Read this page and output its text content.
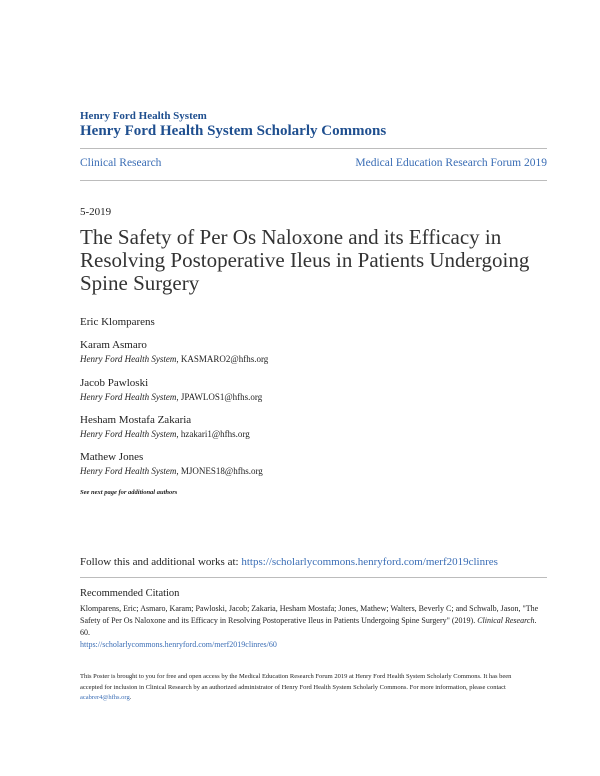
Henry Ford Health System
Henry Ford Health System Scholarly Commons
Clinical Research	Medical Education Research Forum 2019
5-2019
The Safety of Per Os Naloxone and its Efficacy in Resolving Postoperative Ileus in Patients Undergoing Spine Surgery
Eric Klomparens
Karam Asmaro
Henry Ford Health System, KASMARO2@hfhs.org
Jacob Pawloski
Henry Ford Health System, JPAWLOS1@hfhs.org
Hesham Mostafa Zakaria
Henry Ford Health System, hzakari1@hfhs.org
Mathew Jones
Henry Ford Health System, MJONES18@hfhs.org
See next page for additional authors
Follow this and additional works at: https://scholarlycommons.henryford.com/merf2019clinres
Recommended Citation
Klomparens, Eric; Asmaro, Karam; Pawloski, Jacob; Zakaria, Hesham Mostafa; Jones, Mathew; Walters, Beverly C; and Schwalb, Jason, "The Safety of Per Os Naloxone and its Efficacy in Resolving Postoperative Ileus in Patients Undergoing Spine Surgery" (2019). Clinical Research. 60.
https://scholarlycommons.henryford.com/merf2019clinres/60
This Poster is brought to you for free and open access by the Medical Education Research Forum 2019 at Henry Ford Health System Scholarly Commons. It has been accepted for inclusion in Clinical Research by an authorized administrator of Henry Ford Health System Scholarly Commons. For more information, please contact acabrer4@hfhs.org.
